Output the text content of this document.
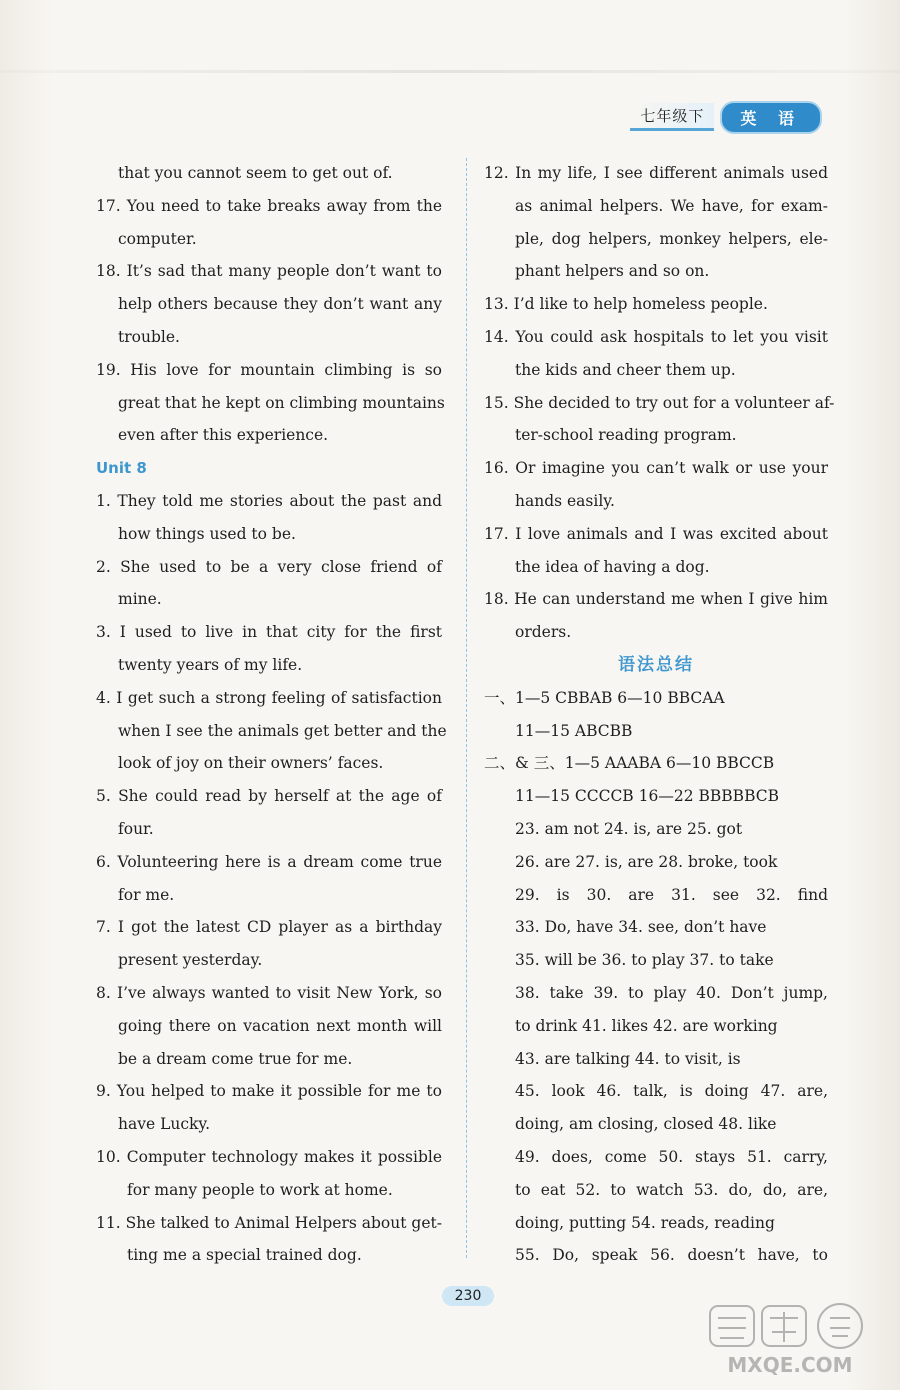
七年级下	英 语
that you cannot seem to get out of.
17. You need to take breaks away from the
computer.
18. It’s sad that many people don’t want to
help others because they don’t want any
trouble.
19. His love for mountain climbing is so
great that he kept on climbing mountains
even after this experience.
Unit 8
1. They told me stories about the past and
how things used to be.
2. She used to be a very close friend of
mine.
3. I used to live in that city for the first
twenty years of my life.
4. I get such a strong feeling of satisfaction
when I see the animals get better and the
look of joy on their owners’ faces.
5. She could read by herself at the age of
four.
6. Volunteering here is a dream come true
for me.
7. I got the latest CD player as a birthday
present yesterday.
8. I’ve always wanted to visit New York, so
going there on vacation next month will
be a dream come true for me.
9. You helped to make it possible for me to
have Lucky.
10. Computer technology makes it possible
for many people to work at home.
11. She talked to Animal Helpers about get-
ting me a special trained dog.
12. In my life, I see different animals used
as animal helpers. We have, for exam-
ple, dog helpers, monkey helpers, ele-
phant helpers and so on.
13. I’d like to help homeless people.
14. You could ask hospitals to let you visit
the kids and cheer them up.
15. She decided to try out for a volunteer af-
ter-school reading program.
16. Or imagine you can’t walk or use your
hands easily.
17. I love animals and I was excited about
the idea of having a dog.
18. He can understand me when I give him
orders.
语法总结
一、1—5 CBBAB 6—10 BBCAA
11—15 ABCBB
二、& 三、1—5 AAABA 6—10 BBCCB
11—15 CCCCB 16—22 BBBBBCB
23. am not 24. is, are 25. got
26. are 27. is, are 28. broke, took
29. is 30. are 31. see 32. find
33. Do, have 34. see, don’t have
35. will be 36. to play 37. to take
38. take 39. to play 40. Don’t jump,
to drink 41. likes 42. are working
43. are talking 44. to visit, is
45. look 46. talk, is doing 47. are,
doing, am closing, closed 48. like
49. does, come 50. stays 51. carry,
to eat 52. to watch 53. do, do, are,
doing, putting 54. reads, reading
55. Do, speak 56. doesn’t have, to
230
MXQE.COM
